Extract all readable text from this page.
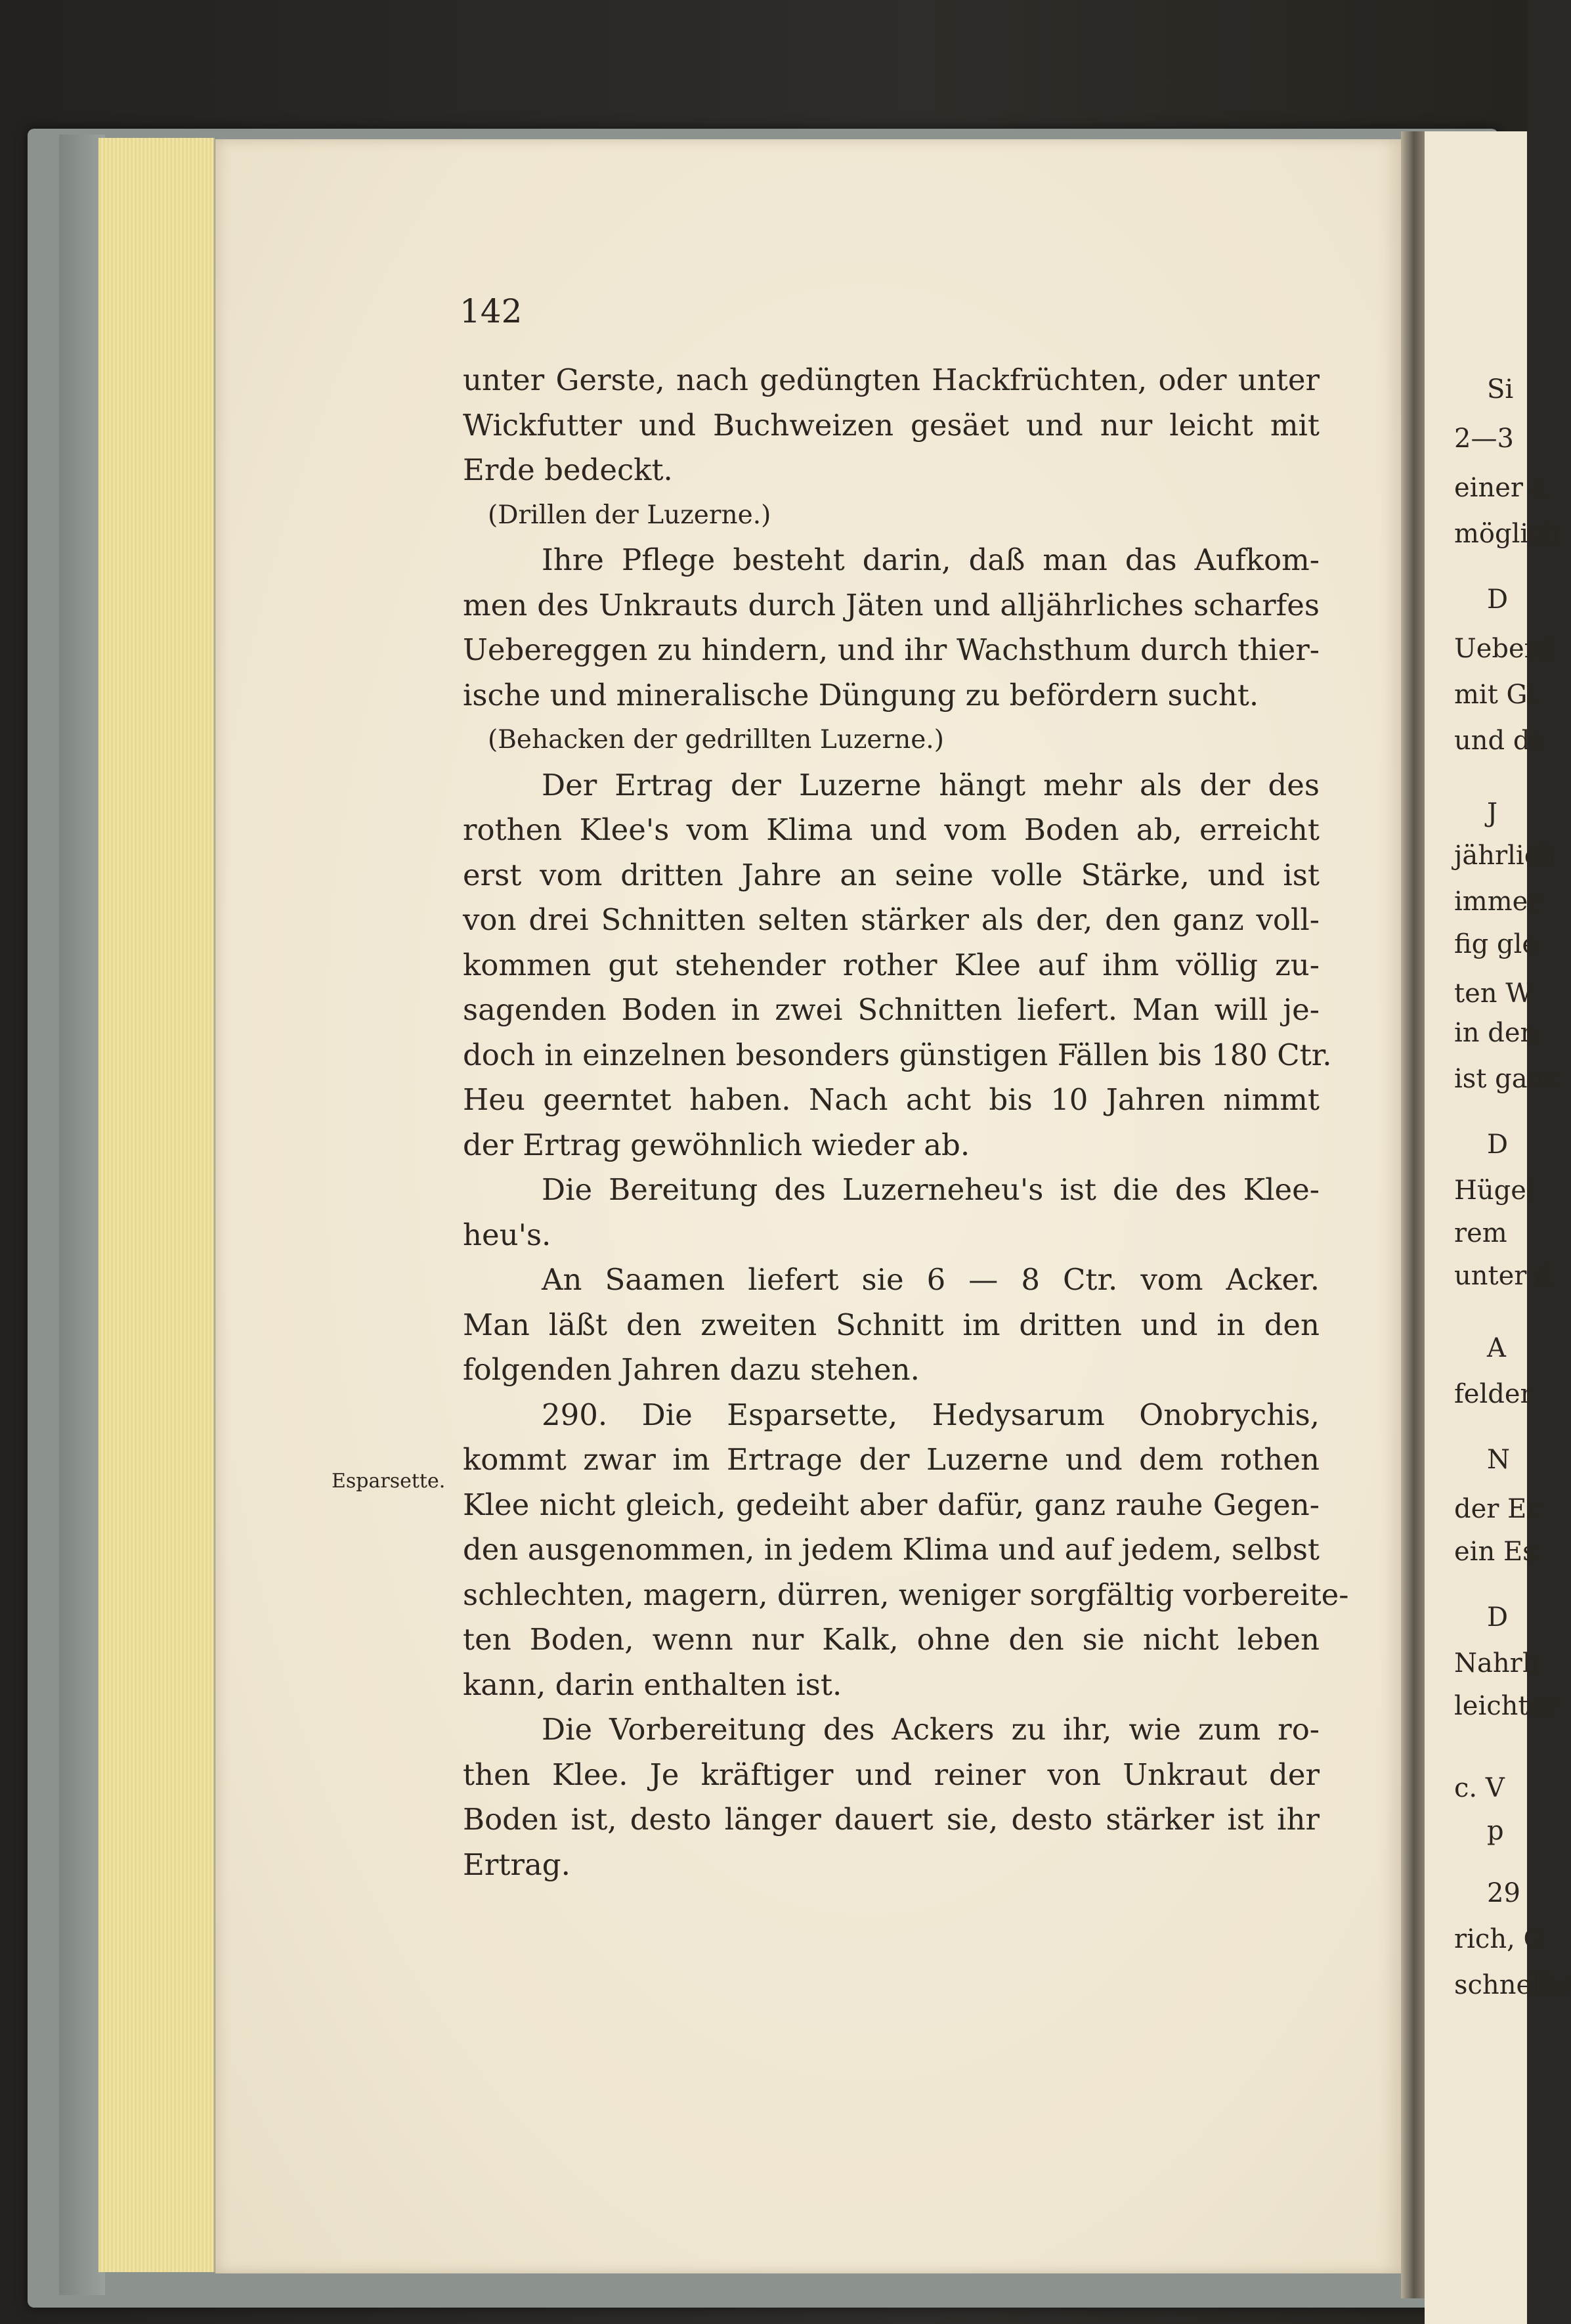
142
Esparsette.
unter Gerste, nach gedüngten Hackfrüchten, oder unter
Wickfutter und Buchweizen gesäet und nur leicht mit
Erde bedeckt.
(Drillen der Luzerne.)
Ihre Pflege besteht darin, daß man das Aufkom-
men des Unkrauts durch Jäten und alljährliches scharfes
Uebereggen zu hindern, und ihr Wachsthum durch thier-
ische und mineralische Düngung zu befördern sucht.
(Behacken der gedrillten Luzerne.)
Der Ertrag der Luzerne hängt mehr als der des
rothen Klee's vom Klima und vom Boden ab, erreicht
erst vom dritten Jahre an seine volle Stärke, und ist
von drei Schnitten selten stärker als der, den ganz voll-
kommen gut stehender rother Klee auf ihm völlig zu-
sagenden Boden in zwei Schnitten liefert. Man will je-
doch in einzelnen besonders günstigen Fällen bis 180 Ctr.
Heu geerntet haben. Nach acht bis 10 Jahren nimmt
der Ertrag gewöhnlich wieder ab.
Die Bereitung des Luzerneheu's ist die des Klee-
heu's.
An Saamen liefert sie 6 — 8 Ctr. vom Acker.
Man läßt den zweiten Schnitt im dritten und in den
folgenden Jahren dazu stehen.
290. Die Esparsette, Hedysarum Onobrychis,
kommt zwar im Ertrage der Luzerne und dem rothen
Klee nicht gleich, gedeiht aber dafür, ganz rauhe Gegen-
den ausgenommen, in jedem Klima und auf jedem, selbst
schlechten, magern, dürren, weniger sorgfältig vorbereite-
ten Boden, wenn nur Kalk, ohne den sie nicht leben
kann, darin enthalten ist.
Die Vorbereitung des Ackers zu ihr, wie zum ro-
then Klee. Je kräftiger und reiner von Unkraut der
Boden ist, desto länger dauert sie, desto stärker ist ihr
Ertrag.
Si
2—3
einer a
möglich
D
Ueberd
mit Gi
und de
J
jährlich
immer
fig gle
ten W
in den
ist ganz
D
Hügel
rem
unter d
A
felder
N
der Er
ein Es
D
Nahrh
leichter
c. V
p
29
rich, G
schnellw
